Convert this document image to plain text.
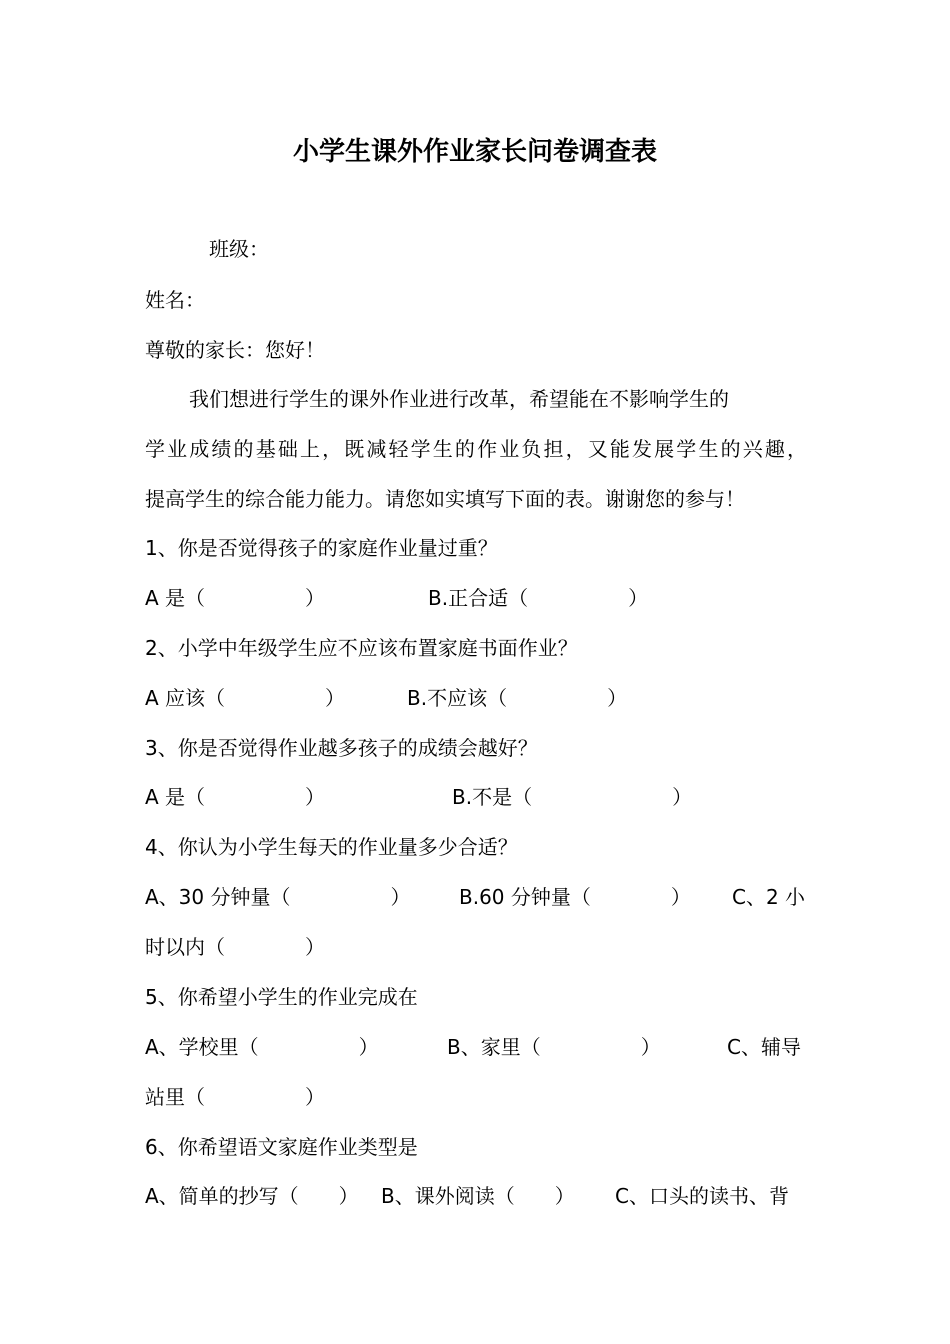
小学生课外作业家长问卷调查表
班级：
姓名：
尊敬的家长：您好！
我们想进行学生的课外作业进行改革，希望能在不影响学生的
学业成绩的基础上，既减轻学生的作业负担，又能发展学生的兴趣，
提高学生的综合能力能力。请您如实填写下面的表。谢谢您的参与！
1、你是否觉得孩子的家庭作业量过重？
A 是（　　　　　）	B.正合适（　　　　　）
2、小学中年级学生应不应该布置家庭书面作业？
A 应该（　　　　　）	B.不应该（　　　　　）
3、你是否觉得作业越多孩子的成绩会越好？
A 是（　　　　　）	B.不是（　　　　　　　）
4、你认为小学生每天的作业量多少合适？
A、30 分钟量（　　　　　） B.60 分钟量（　　　　） C、2 小
时以内（　　　　）
5、你希望小学生的作业完成在
A、学校里（　　　　　）	B、家里（　　　　　）	C、辅导
站里（　　　　　）
6、你希望语文家庭作业类型是
A、简单的抄写（　　） B、课外阅读（　　） C、口头的读书、背
